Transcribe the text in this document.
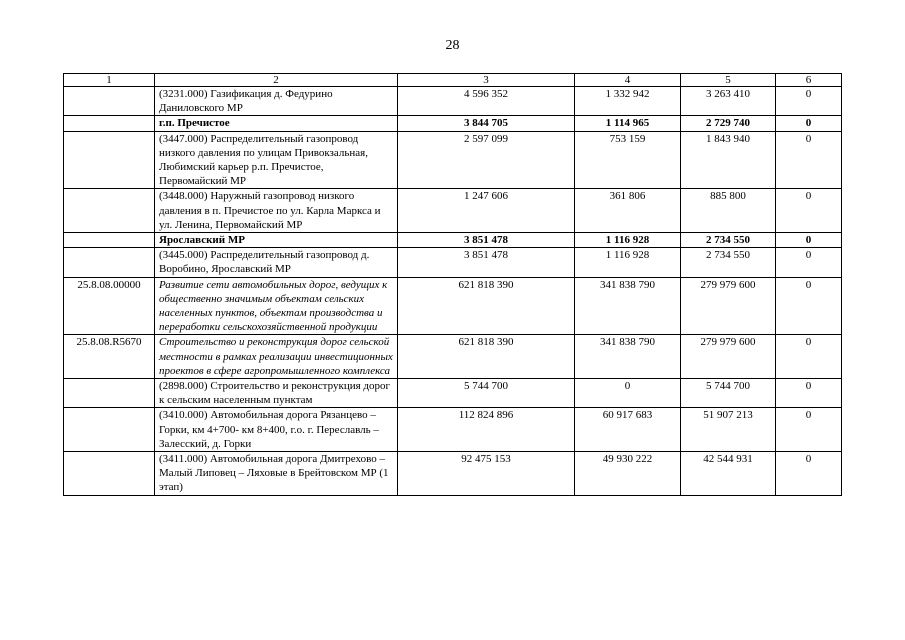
28
1	2	3	4	5	6
	(3231.000) Газификация д. Федурино Даниловского МР	4 596 352	1 332 942	3 263 410	0
	г.п. Пречистое	3 844 705	1 114 965	2 729 740	0
	(3447.000) Распределительный газопровод низкого давления по улицам Привокзальная, Любимский карьер р.п. Пречистое, Первомайский МР	2 597 099	753 159	1 843 940	0
	(3448.000) Наружный газопровод низкого давления в п. Пречистое по ул. Карла Маркса и ул. Ленина, Первомайский МР	1 247 606	361 806	885 800	0
	Ярославский МР	3 851 478	1 116 928	2 734 550	0
	(3445.000) Распределительный газопровод д. Воробино, Ярославский МР	3 851 478	1 116 928	2 734 550	0
25.8.08.00000	Развитие сети автомобильных дорог, ведущих к общественно значимым объектам сельских населенных пунктов, объектам производства и переработки сельскохозяйственной продукции	621 818 390	341 838 790	279 979 600	0
25.8.08.R5670	Строительство и реконструкция дорог сельской местности в рамках реализации инвестиционных проектов в сфере агропромышленного комплекса	621 818 390	341 838 790	279 979 600	0
	(2898.000) Строительство и реконструкция дорог к сельским населенным пунктам	5 744 700	0	5 744 700	0
	(3410.000) Автомобильная дорога Рязанцево – Горки, км 4+700- км 8+400, г.о. г. Переславль – Залесский, д. Горки	112 824 896	60 917 683	51 907 213	0
	(3411.000) Автомобильная дорога Дмитрехово – Малый Липовец – Ляховые в Брейтовском МР (1 этап)	92 475 153	49 930 222	42 544 931	0
